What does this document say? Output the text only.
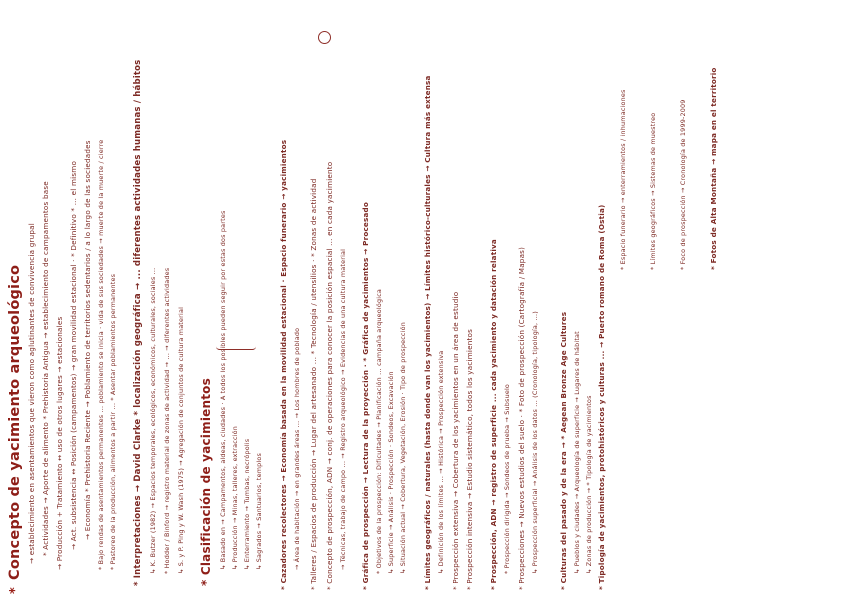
*
Concepto de yacimiento arqueológico → establecimiento en asentamientos que vieron como aglutinantes de convivencia grupal * Actividades → Aporte de alimento * Prehistoria Antigua → establecimiento de campamentos base → Producción + Tratamiento ↔ uso de otros lugares → estacionales → Act. subsistencia ↔ Posición (campamentos) → gran movilidad estacional · * Definitivo * ... el mismo → Economía * Prehistoria Reciente → Poblamiento de territorios sedentarios / a lo largo de las sociedades * Bajo rendas de asentamientos permanentes ... poblamiento se inicia · vida de sus sociedades → muerte de la muerte / cierre * Pastoreo de la producción, alimentos a partir ... * Asentar poblamientos permanentes * Interpretaciones → David Clarke * localización geográfica → ... diferentes actividades humanas / hábitos ↳ K. Butzer (1982) → Espacios temporales, ecológicos, económicos, culturales, sociales ... * Hodder / Binford → registro material de zonas de actividad → ... → diferentes actividades ↳ S. y P. Ping y W. Wash (1975) → Agregación de conjuntos de cultura material * Clasificación de yacimientos ↳ Basado en → Campamentos, aldeas, ciudades · A todos los posibles pueden seguir por estas dos partes ↳ Producción → Minas, talleres, extracción ↳ Enterramiento → Tumbas, necrópolis ↳ Sagrados → Santuarios, templos * Cazadores recolectores → Economía basada en la movilidad estacional · Espacio funerario → yacimientos → Área de habitación → en grandes áreas ... → Los hombres de poblado * Talleres / Espacios de producción → Lugar del artesanado ... * Tecnología / utensilios · * Zonas de actividad * Concepto de prospección, ADN → conj. de operaciones para conocer la posición espacial ... en cada yacimiento → Técnicas, trabajo de campo ... → Registro arqueológico → Evidencias de una cultura material * Gráfica de prospección → Lectura de la proyección · * Gráfica de yacimientos → Procesado * Objetivos de la prospección: Dificultades → Planificación ... campaña arqueológica ↳ Superficie → Análisis · Prospección · Sondeos, Excavación ↳ Situación actual → Cobertura, Vegetación, Erosión · Tipo de prospección * Límites geográficos / naturales (hasta donde van los yacimientos) → Límites histórico-culturales → Cultura más extensa ↳ Definición de los límites ... → Histórica → Prospección extensiva * Prospección extensiva → Cobertura de los yacimientos en un área de estudio * Prospección intensiva → Estudio sistemático, todos los yacimientos * Prospección, ADN → registro de superficie ... cada yacimiento y datación relativa * Prospección dirigida → Sondeos de prueba → Subsuelo * Prospecciones → Nuevos estudios del suelo · * Foto de prospección (Cartografía / Mapas) ↳ Prospección superficial → Análisis de los datos ... (Cronología, tipología, ...)	* Culturas del pasado y de la era → * Aegean Bronze Age Cultures ↳ Pueblos y ciudades → Arqueología de superficie → Lugares de hábitat ↳ Zonas de producción → * Tipología de yacimientos * Tipología de yacimientos, protohistóricos y culturas ... → Puerto romano de Roma (Ostia)
* Espacio funerario → enterramientos / inhumaciones	* Límites geográficos → Sistemas de muestreo	* Foco de prospección → Cronología de 1999-2009	* Fotos de Alta Montaña → mapa en el territorio
